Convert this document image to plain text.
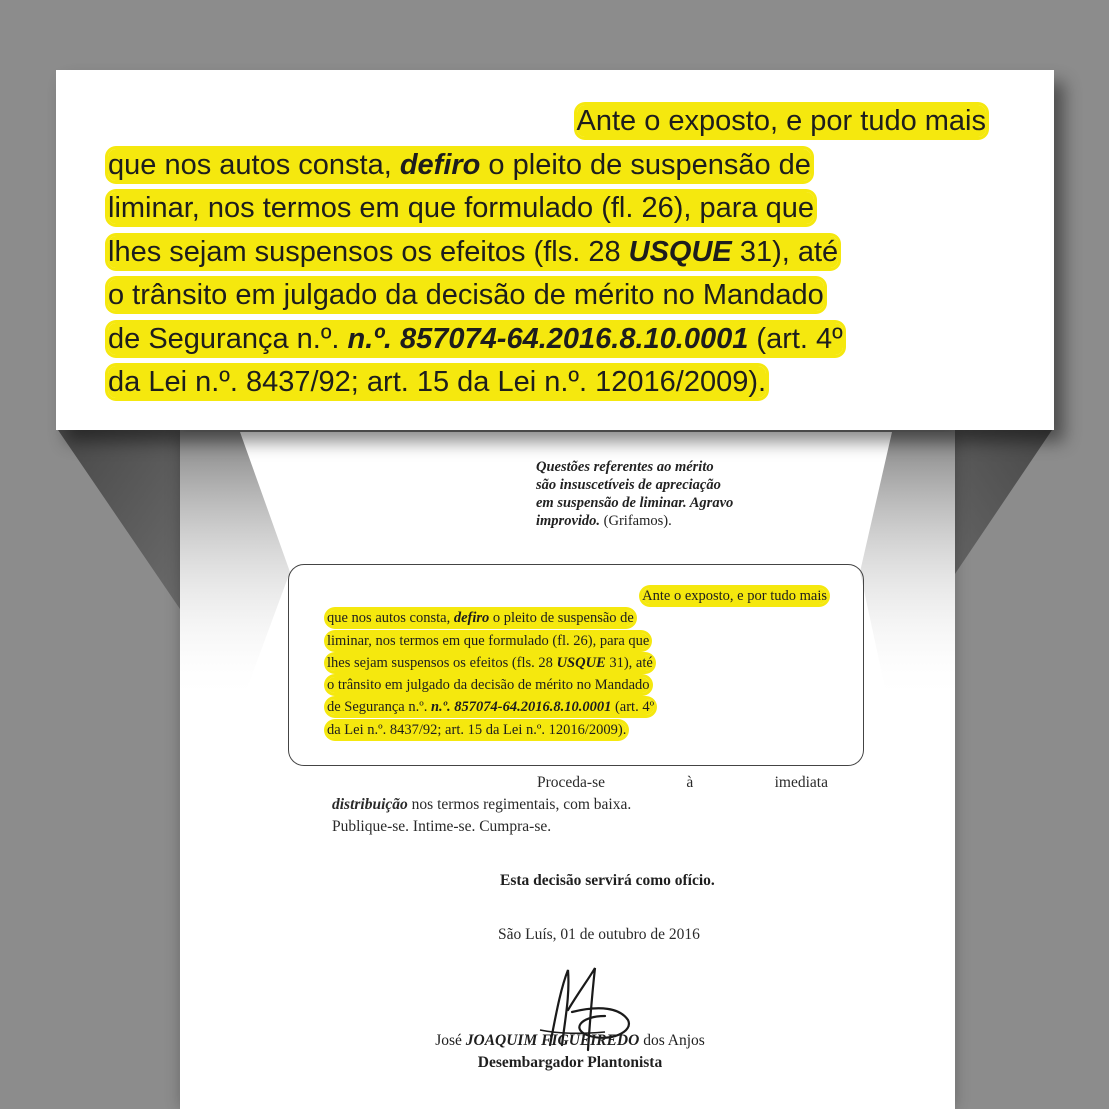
Questões referentes ao mérito
são insuscetíveis de apreciação
em suspensão de liminar. Agravo
improvido. (Grifamos).
Ante o exposto, e por tudo mais
que nos autos consta, defiro o pleito de suspensão de
liminar, nos termos em que formulado (fl. 26), para que
lhes sejam suspensos os efeitos (fls. 28 USQUE 31), até
o trânsito em julgado da decisão de mérito no Mandado
de Segurança n.º. n.º. 857074-64.2016.8.10.0001 (art. 4º
da Lei n.º. 8437/92; art. 15 da Lei n.º. 12016/2009).
Proceda-se	à	imediata

distribuição nos termos regimentais, com baixa.

Publique-se. Intime-se. Cumpra-se.

Esta decisão servirá como ofício.
São Luís, 01 de outubro de 2016
José JOAQUIM FIGUEIREDO dos Anjos
Desembargador Plantonista
Ante o exposto, e por tudo mais
que nos autos consta, defiro o pleito de suspensão de
liminar, nos termos em que formulado (fl. 26), para que
lhes sejam suspensos os efeitos (fls. 28 USQUE 31), até
o trânsito em julgado da decisão de mérito no Mandado
de Segurança n.º. n.º. 857074-64.2016.8.10.0001 (art. 4º
da Lei n.º. 8437/92; art. 15 da Lei n.º. 12016/2009).
